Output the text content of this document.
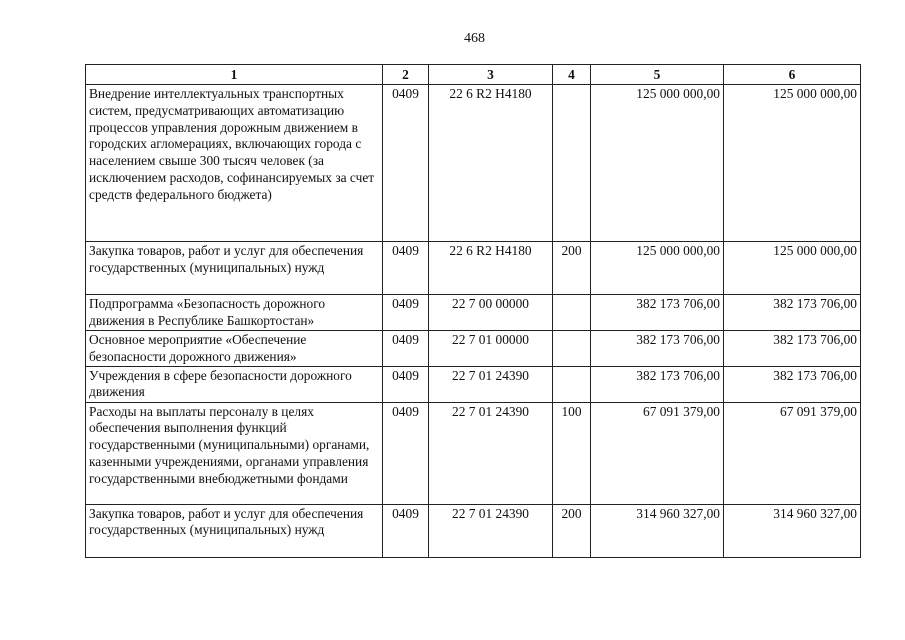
468
1	2	3	4	5	6
Внедрение интеллектуальных транспортных систем, предусматривающих автоматизацию процессов управления дорожным движением в городских агломерациях, включающих города с населением свыше 300 тысяч человек (за исключением расходов, софинансируемых за счет средств федерального бюджета)	0409	22 6 R2 H4180		125 000 000,00	125 000 000,00
Закупка товаров, работ и услуг для обеспечения государственных (муниципальных) нужд	0409	22 6 R2 H4180	200	125 000 000,00	125 000 000,00
Подпрограмма «Безопасность дорожного движения в Республике Башкортостан»	0409	22 7 00 00000		382 173 706,00	382 173 706,00
Основное мероприятие «Обеспечение безопасности дорожного движения»	0409	22 7 01 00000		382 173 706,00	382 173 706,00
Учреждения в сфере безопасности дорожного движения	0409	22 7 01 24390		382 173 706,00	382 173 706,00
Расходы на выплаты персоналу в целях обеспечения выполнения функций государственными (муниципальными) органами, казенными учреждениями, органами управления государственными внебюджетными фондами	0409	22 7 01 24390	100	67 091 379,00	67 091 379,00
Закупка товаров, работ и услуг для обеспечения государственных (муниципальных) нужд	0409	22 7 01 24390	200	314 960 327,00	314 960 327,00
